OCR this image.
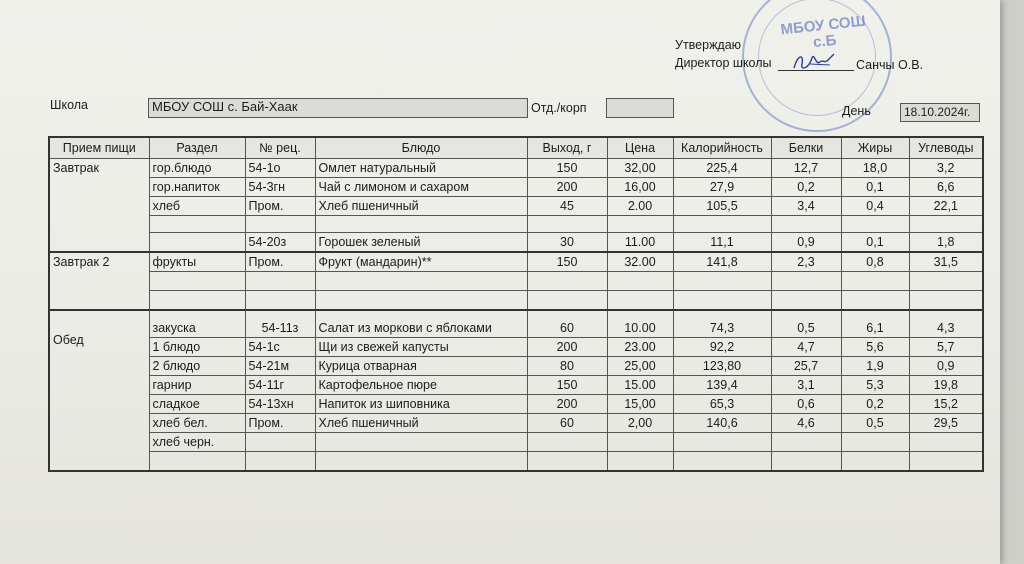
МБОУ СОШ с.Б
Утверждаю
Директор школы	Санчы О.В.
Школа	МБОУ СОШ с. Бай-Хаак	Отд./корп	День	18.10.2024г.
Прием пищи	Раздел	№ рец.	Блюдо	Выход, г	Цена	Калорийность	Белки	Жиры	Углеводы
Завтрак	гор.блюдо	54-1о	Омлет натуральный	150	32,00	225,4	12,7	18,0	3,2
	гор.напиток	54-3гн	Чай с лимоном и сахаром	200	16,00	27,9	0,2	0,1	6,6
	хлеб	Пром.	Хлеб пшеничный	45	2.00	105,5	3,4	0,4	22,1

		54-20з	Горошек зеленый	30	11.00	11,1	0,9	0,1	1,8
Завтрак 2	фрукты	Пром.	Фрукт (мандарин)**	150	32.00	141,8	2,3	0,8	31,5

Обед	закуска	54-11з	Салат из моркови с яблоками	60	10.00	74,3	0,5	6,1	4,3
	1 блюдо	54-1с	Щи из свежей капусты	200	23.00	92,2	4,7	5,6	5,7
	2 блюдо	54-21м	Курица отварная	80	25,00	123,80	25,7	1,9	0,9
	гарнир	54-11г	Картофельное пюре	150	15.00	139,4	3,1	5,3	19,8
	сладкое	54-13хн	Напиток из шиповника	200	15,00	65,3	0,6	0,2	15,2
	хлеб бел.	Пром.	Хлеб пшеничный	60	2,00	140,6	4,6	0,5	29,5
	хлеб черн.								
